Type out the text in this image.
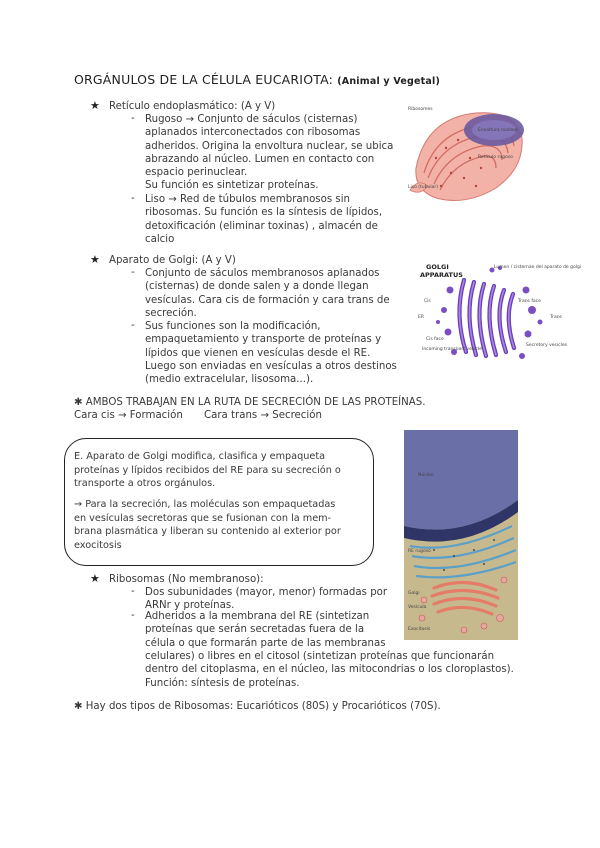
ORGÁNULOS DE LA CÉLULA EUCARIOTA: (Animal y Vegetal)
★ Retículo endoplasmático: (A y V)
- Rugoso → Conjunto de sáculos (cisternas)
aplanados interconectados con ribosomas
adheridos. Origina la envoltura nuclear, se ubica
abrazando al núcleo. Lumen en contacto con
espacio perinuclear.
Su función es sintetizar proteínas.
- Liso → Red de túbulos membranosos sin
ribosomas. Su función es la síntesis de lípidos,
detoxificación (eliminar toxinas) , almacén de
calcio
Ribosomes
Envoltura nuclear
Retículo rugoso
Liso (tubular)
★ Aparato de Golgi: (A y V)
- Conjunto de sáculos membranosos aplanados
(cisternas) de donde salen y a donde llegan
vesículas. Cara cis de formación y cara trans de
secreción.
- Sus funciones son la modificación,
empaquetamiento y transporte de proteínas y
lípidos que vienen en vesículas desde el RE.
Luego son enviadas en vesículas a otros destinos
(medio extracelular, lisosoma...).
GOLGI
APPARATUS
Lumen / cisternae del aparato de golgi
ER
Cis
Trans
Cis face
Trans face
Secretory vesicles
Incoming transport vesicle
✱ AMBOS TRABAJAN EN LA RUTA DE SECRECIÓN DE LAS PROTEÍNAS.
Cara cis → Formación Cara trans → Secreción
E. Aparato de Golgi modifica, clasifica y empaqueta
proteínas y lípidos recibidos del RE para su secreción o
transporte a otros orgánulos.
→ Para la secreción, las moléculas son empaquetadas
en vesículas secretoras que se fusionan con la mem-
brana plasmática y liberan su contenido al exterior por
exocitosis
Núcleo
RE rugoso
Golgi
Vesícula
Exocitosis
★ Ribosomas (No membranoso):
- Dos subunidades (mayor, menor) formadas por
ARNr y proteínas.
- Adheridos a la membrana del RE (sintetizan
proteínas que serán secretadas fuera de la
célula o que formarán parte de las membranas
celulares) o libres en el citosol (sintetizan proteínas que funcionarán
dentro del citoplasma, en el núcleo, las mitocondrias o los cloroplastos).
Función: síntesis de proteínas.
✱ Hay dos tipos de Ribosomas: Eucarióticos (80S) y Procarióticos (70S).
